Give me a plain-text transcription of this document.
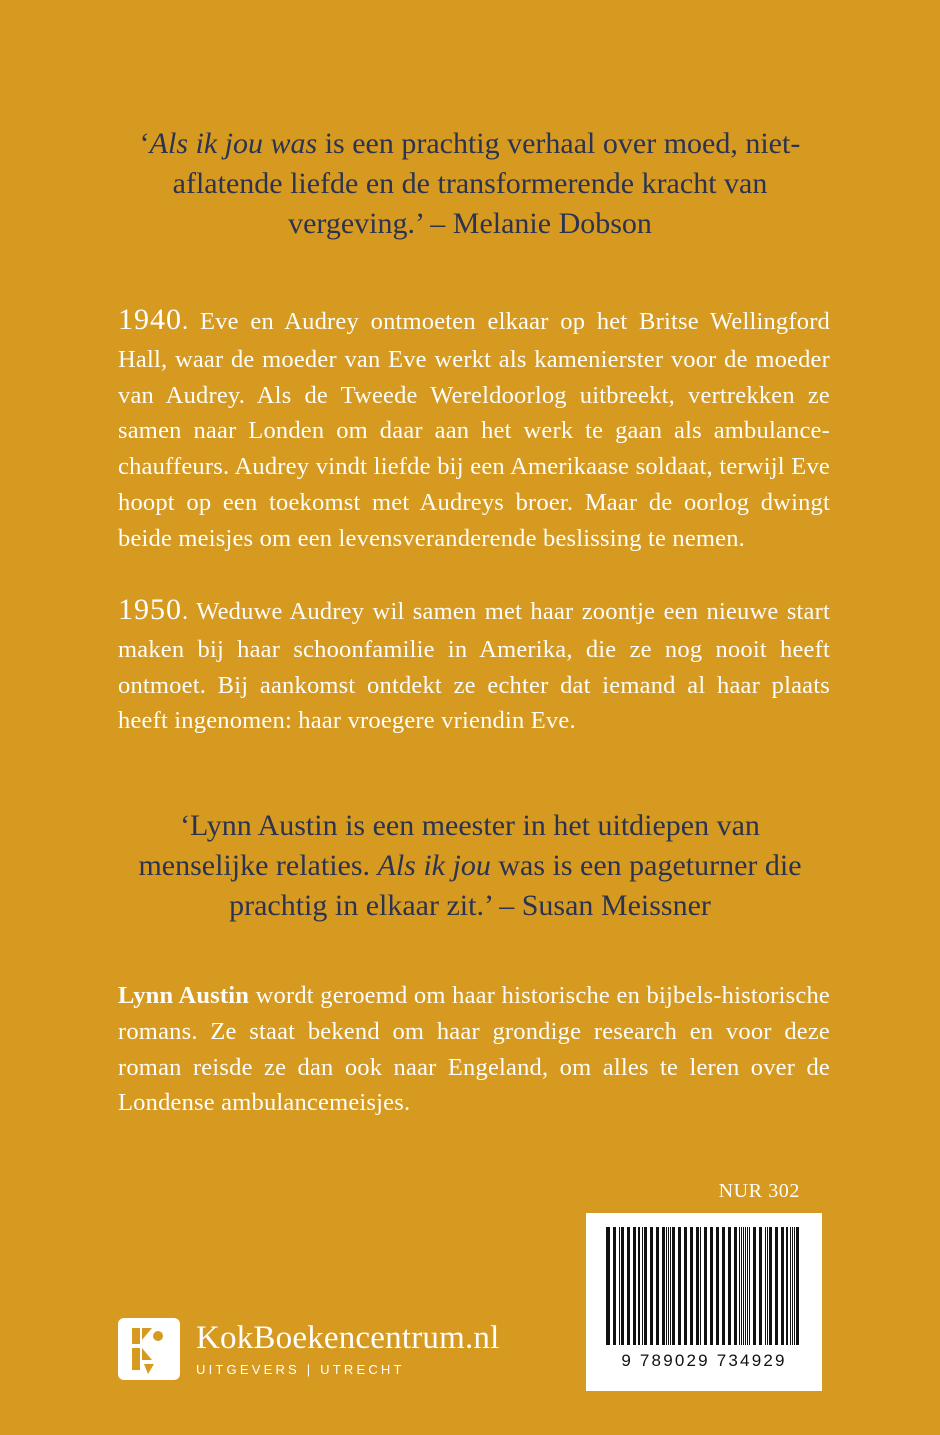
‘Als ik jou was is een prachtig verhaal over moed, niet-aflatende liefde en de transformerende kracht van vergeving.’ – Melanie Dobson
1940. Eve en Audrey ontmoeten elkaar op het Britse Wellingford Hall, waar de moeder van Eve werkt als kamenierster voor de moeder van Audrey. Als de Tweede Wereldoorlog uitbreekt, vertrekken ze samen naar Londen om daar aan het werk te gaan als ambulance-chauffeurs. Audrey vindt liefde bij een Amerikaase soldaat, terwijl Eve hoopt op een toekomst met Audreys broer. Maar de oorlog dwingt beide meisjes om een levensveranderende beslissing te nemen.
1950. Weduwe Audrey wil samen met haar zoontje een nieuwe start maken bij haar schoonfamilie in Amerika, die ze nog nooit heeft ontmoet. Bij aankomst ontdekt ze echter dat iemand al haar plaats heeft ingenomen: haar vroegere vriendin Eve.
‘Lynn Austin is een meester in het uitdiepen van menselijke relaties. Als ik jou was is een pageturner die prachtig in elkaar zit.’ – Susan Meissner
Lynn Austin wordt geroemd om haar historische en bijbels-historische romans. Ze staat bekend om haar grondige research en voor deze roman reisde ze dan ook naar Engeland, om alles te leren over de Londense ambulancemeisjes.
NUR 302
9 789029 734929
KokBoekencentrum.nl
UITGEVERS | UTRECHT
